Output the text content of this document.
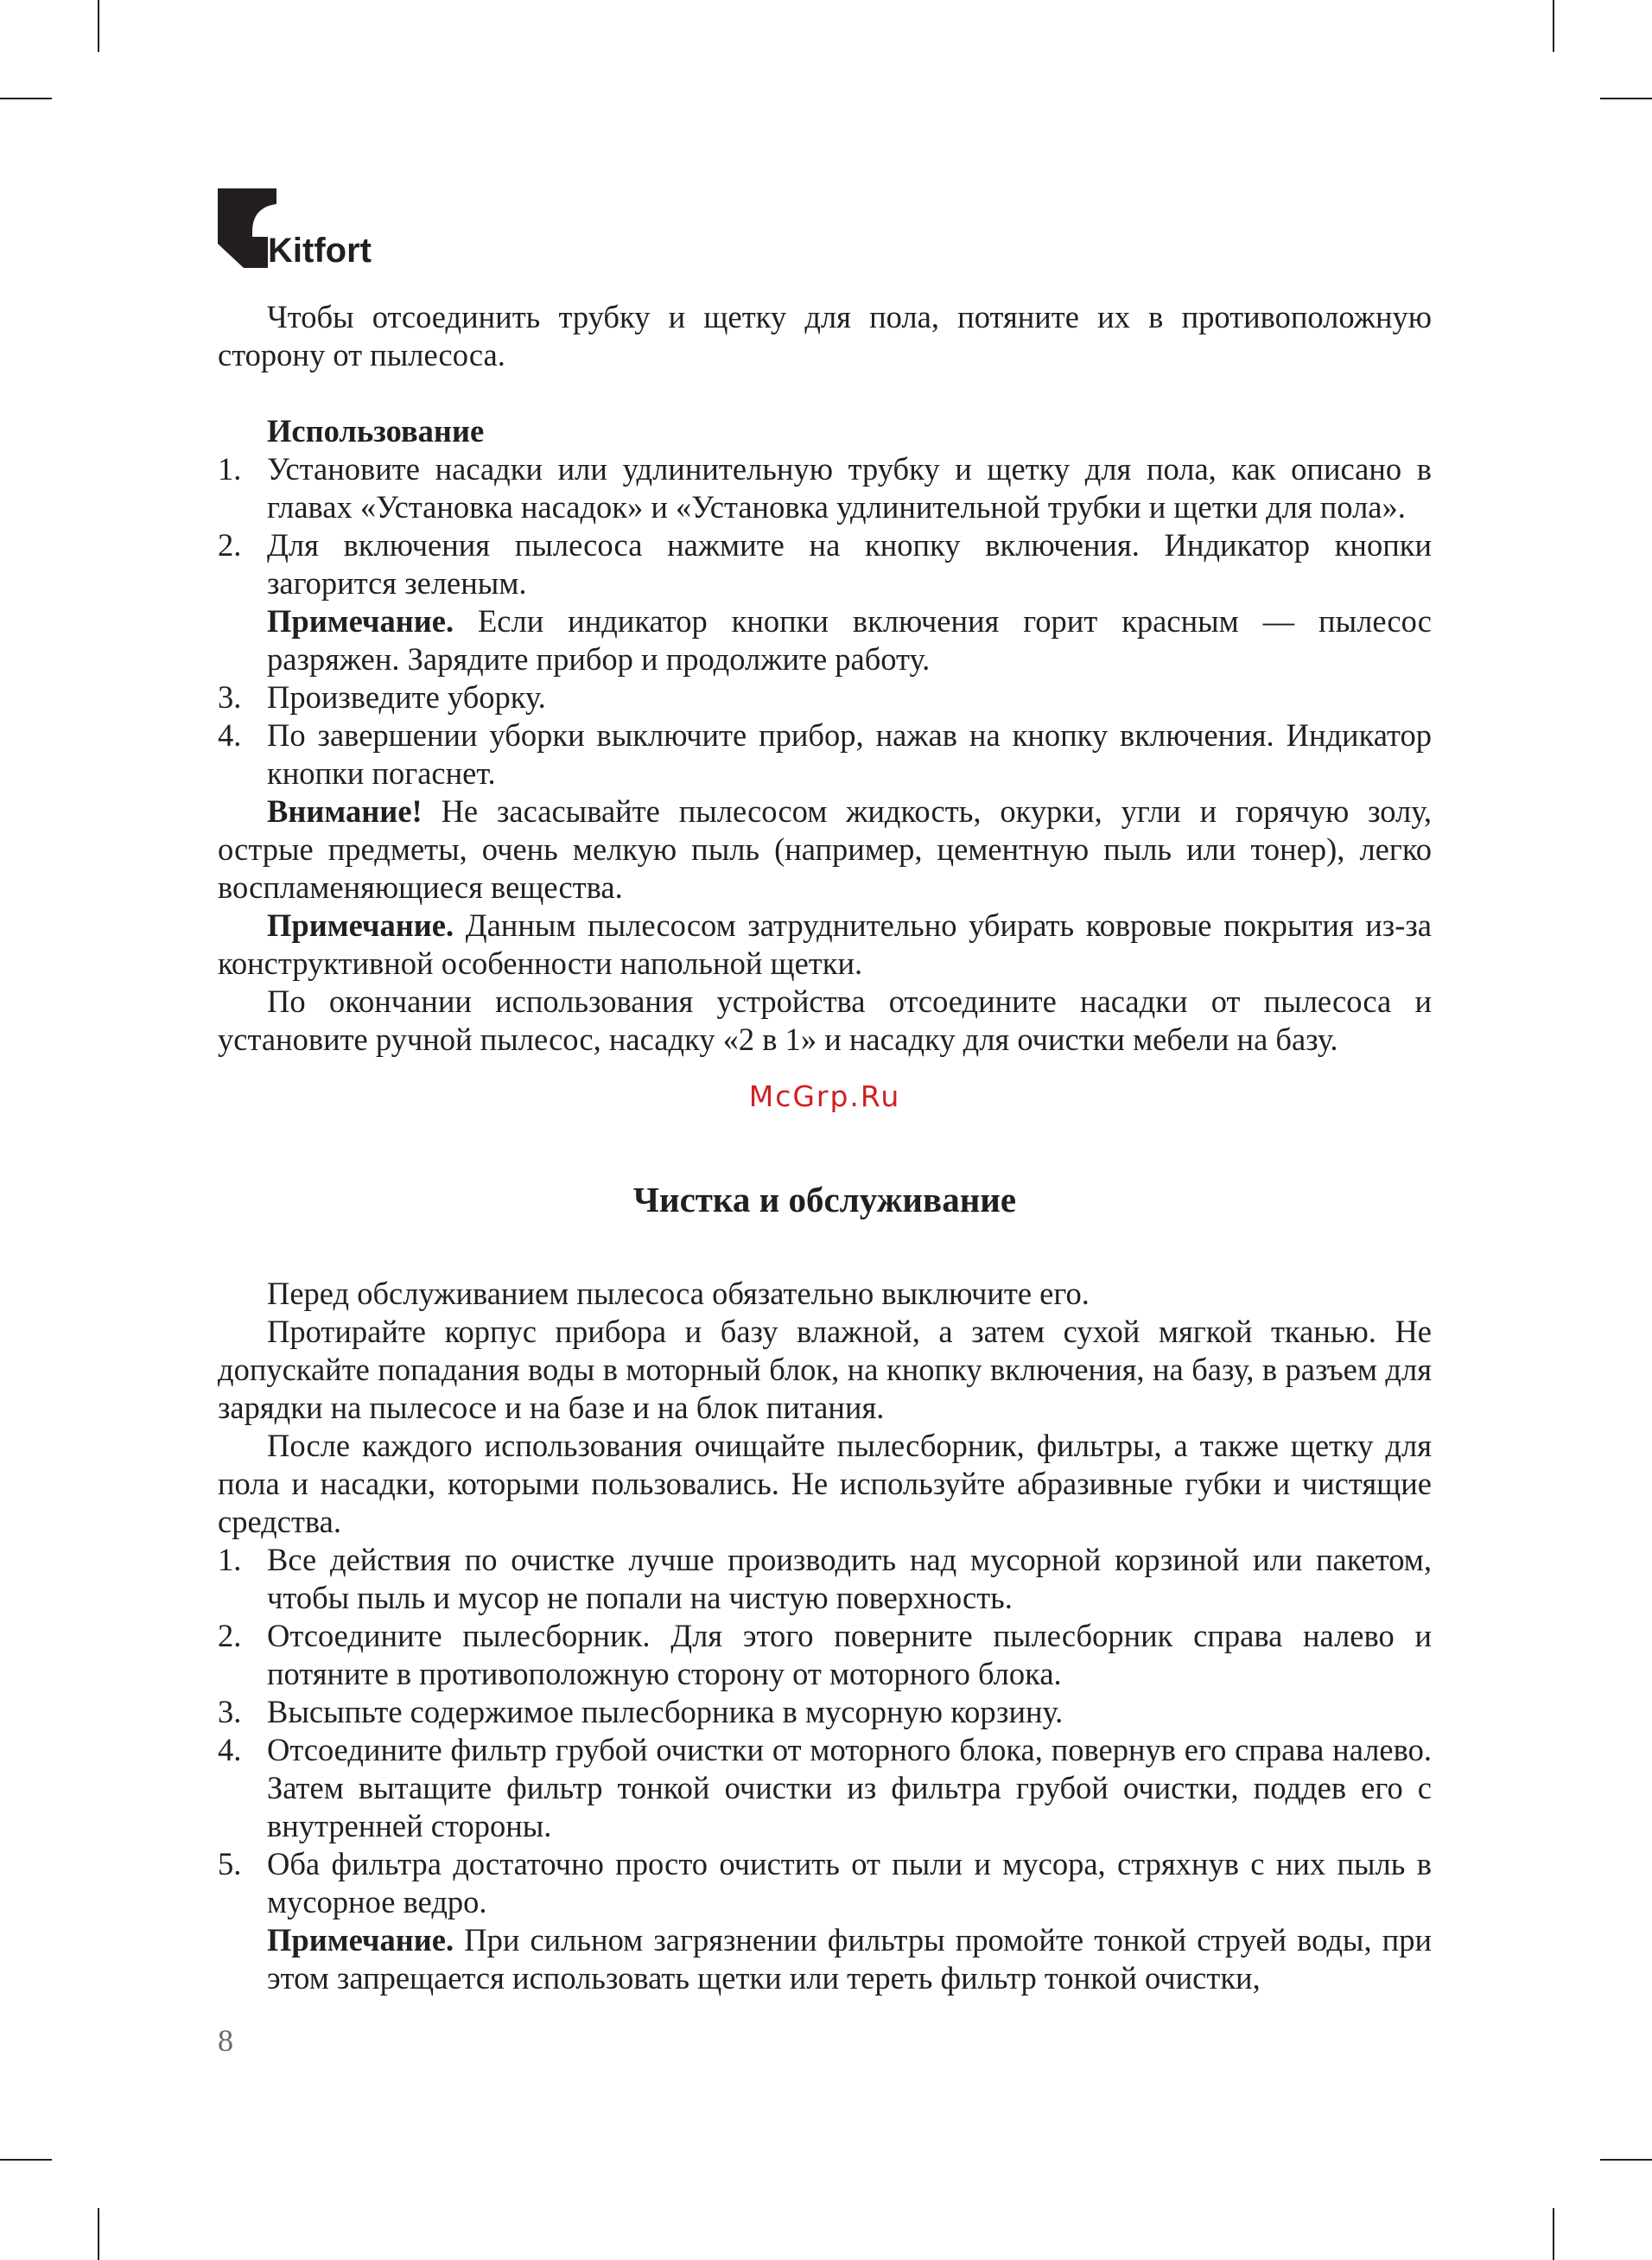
Kitfort

Чтобы отсоединить трубку и щетку для пола, потяните их в противоположную сторону от пылесоса.

Использование
1. Установите насадки или удлинительную трубку и щетку для пола, как описано в главах «Установка насадок» и «Установка удлинительной трубки и щетки для пола».
2. Для включения пылесоса нажмите на кнопку включения. Индикатор кнопки загорится зеленым.
Примечание. Если индикатор кнопки включения горит красным — пылесос разряжен. Зарядите прибор и продолжите работу.
3. Произведите уборку.
4. По завершении уборки выключите прибор, нажав на кнопку включения. Индикатор кнопки погаснет.

Внимание! Не засасывайте пылесосом жидкость, окурки, угли и горячую золу, острые предметы, очень мелкую пыль (например, цементную пыль или тонер), легко воспламеняющиеся вещества.

Примечание. Данным пылесосом затруднительно убирать ковровые покрытия из-за конструктивной особенности напольной щетки.

По окончании использования устройства отсоедините насадки от пылесоса и установите ручной пылесос, насадку «2 в 1» и насадку для очистки мебели на базу.

McGrp.Ru
Чистка и обслуживание

Перед обслуживанием пылесоса обязательно выключите его.

Протирайте корпус прибора и базу влажной, а затем сухой мягкой тканью. Не допускайте попадания воды в моторный блок, на кнопку включения, на базу, в разъем для зарядки на пылесосе и на базе и на блок питания.

После каждого использования очищайте пылесборник, фильтры, а также щетку для пола и насадки, которыми пользовались. Не используйте абразивные губки и чистящие средства.

1. Все действия по очистке лучше производить над мусорной корзиной или пакетом, чтобы пыль и мусор не попали на чистую поверхность.
2. Отсоедините пылесборник. Для этого поверните пылесборник справа налево и потяните в противоположную сторону от моторного блока.
3. Высыпьте содержимое пылесборника в мусорную корзину.
4. Отсоедините фильтр грубой очистки от моторного блока, повернув его справа налево. Затем вытащите фильтр тонкой очистки из фильтра грубой очистки, поддев его с внутренней стороны.
5. Оба фильтра достаточно просто очистить от пыли и мусора, стряхнув с них пыль в мусорное ведро.
Примечание. При сильном загрязнении фильтры промойте тонкой струей воды, при этом запрещается использовать щетки или тереть фильтр тонкой очистки,
8
